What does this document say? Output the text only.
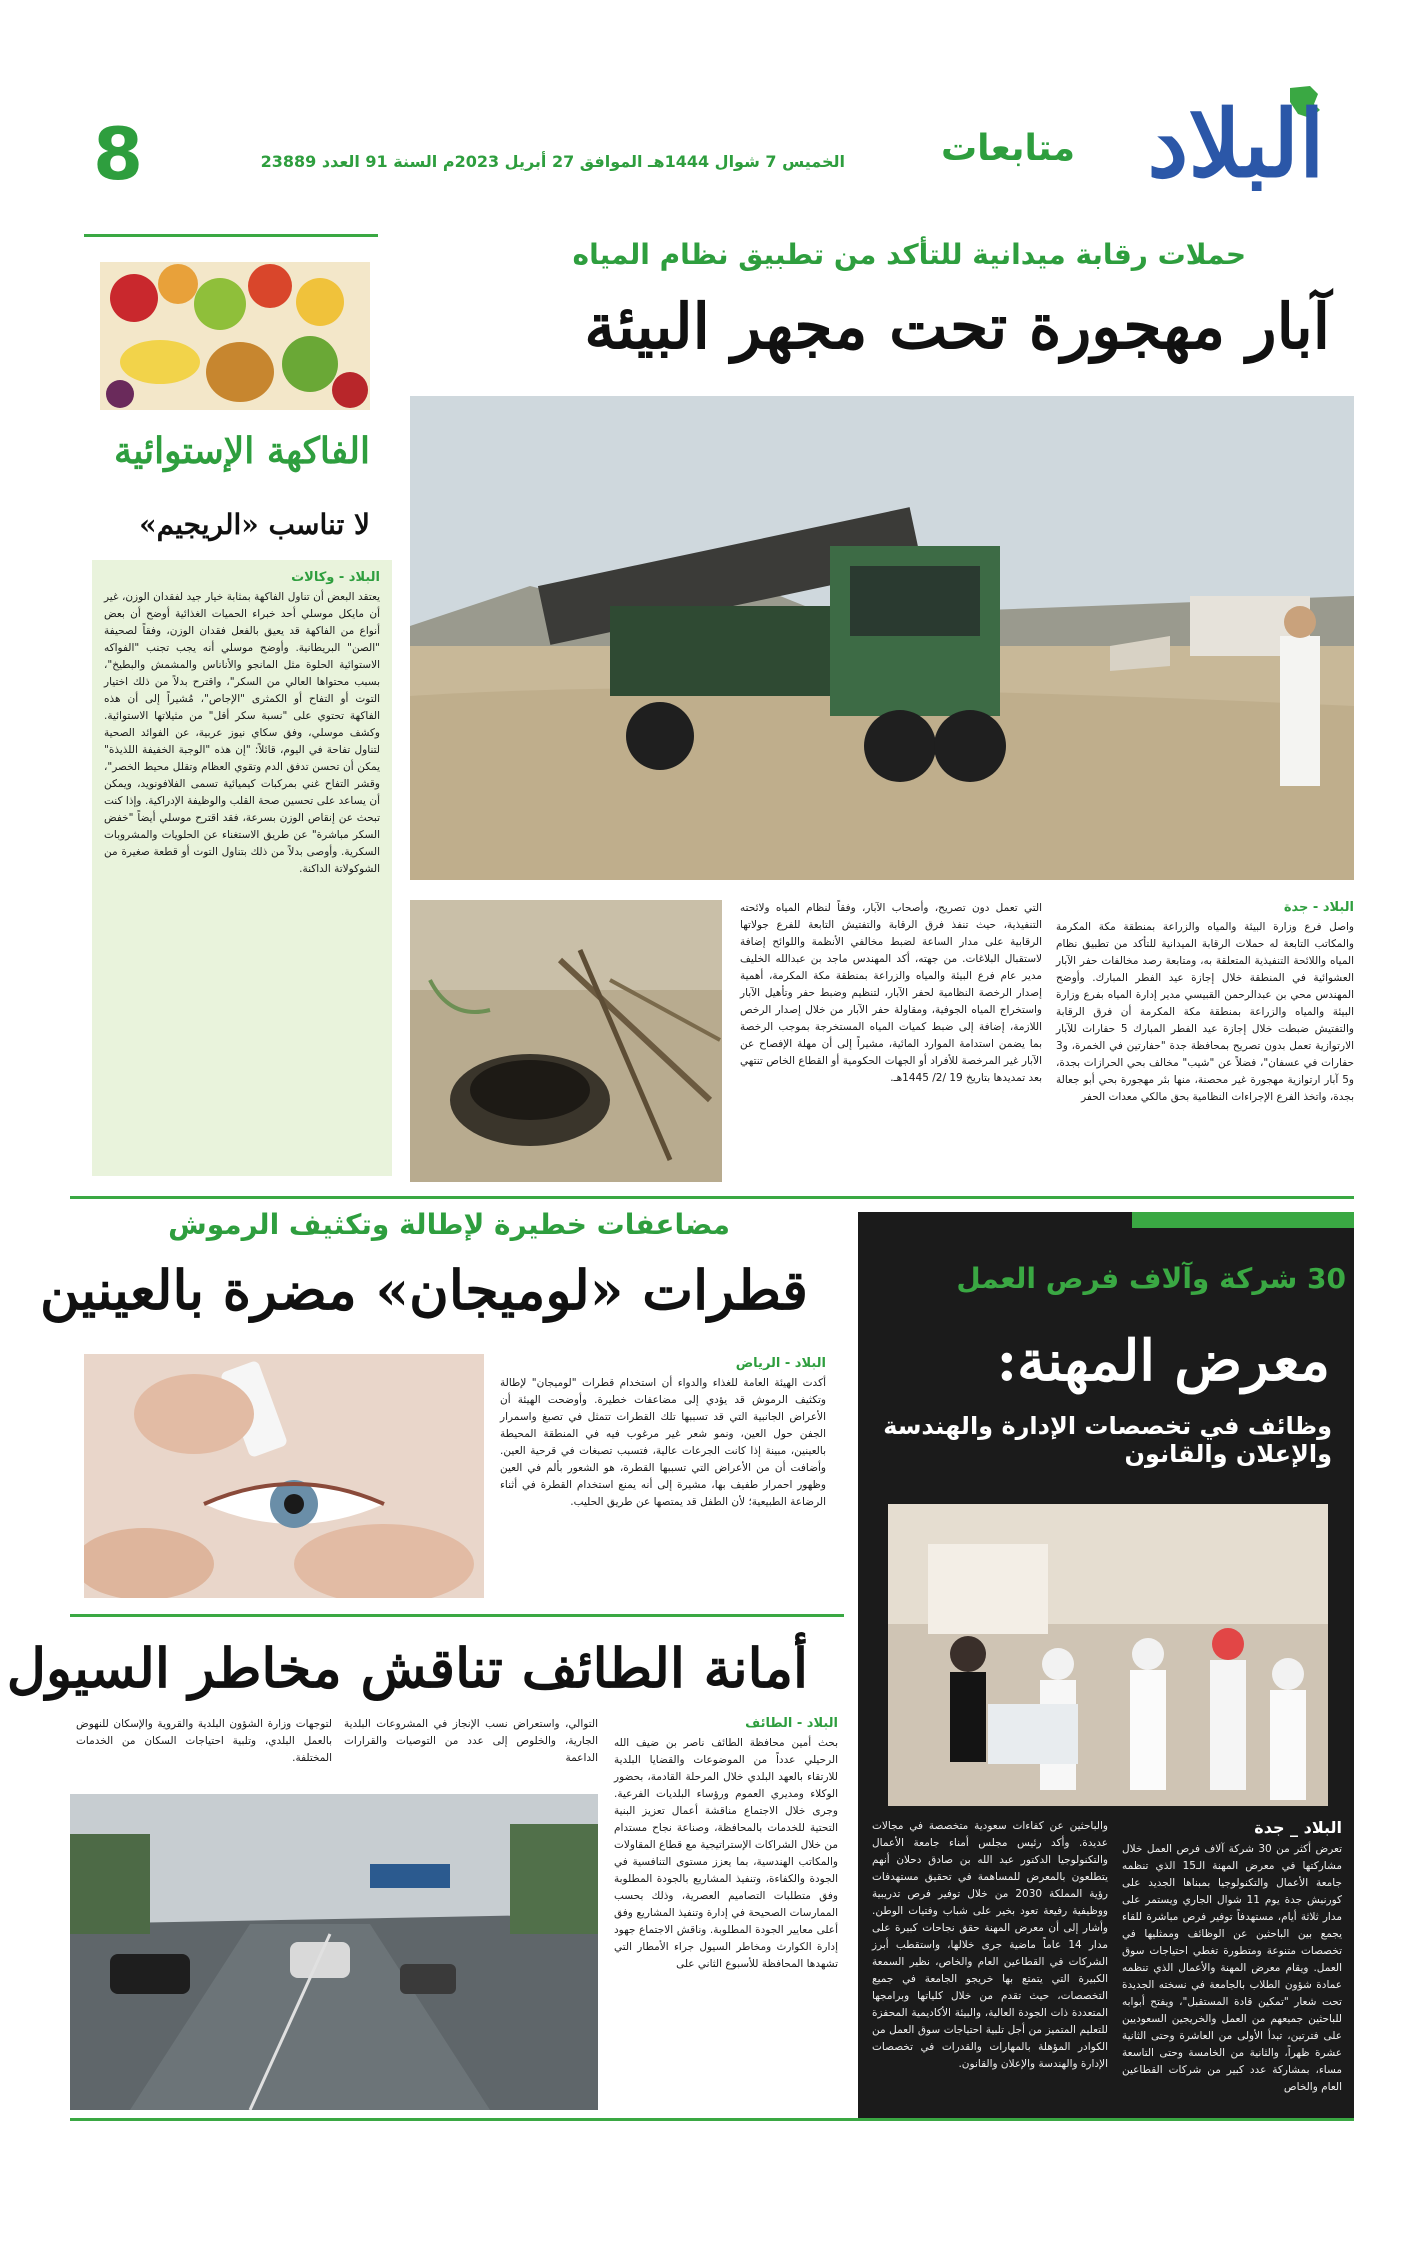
البلاد
متابعات
الخميس 7 شوال 1444هـ الموافق 27 أبريل 2023م السنة 91 العدد 23889
8
الفاكهة الإستوائية
لا تناسب «الريجيم»
البلاد - وكالات
يعتقد البعض أن تناول الفاكهة بمثابة خيار جيد لفقدان الوزن، غير أن مايكل موسلي أحد خبراء الحميات الغذائية أوضح أن بعض أنواع من الفاكهة قد يعيق بالفعل فقدان الوزن، وفقاً لصحيفة "الصن" البريطانية. وأوضح موسلي أنه يجب تجنب "الفواكه الاستوائية الحلوة مثل المانجو والأناناس والمشمش والبطيخ"، بسبب محتواها العالي من السكر"، واقترح بدلاً من ذلك اختيار التوت أو التفاح أو الكمثرى "الإجاص"، مُشيراً إلى أن هذه الفاكهة تحتوي على "نسبة سكر أقل" من مثيلاتها الاستوائية. وكشف موسلي، وفق سكاي نيوز عربية، عن الفوائد الصحية لتناول تفاحة في اليوم، قائلاً: "إن هذه "الوجبة الخفيفة اللذيذة" يمكن أن تحسن تدفق الدم وتقوي العظام وتقلل محيط الخصر"، وقشر التفاح غني بمركبات كيميائية تسمى الفلافونويد، ويمكن أن يساعد على تحسين صحة القلب والوظيفة الإدراكية. وإذا كنت تبحث عن إنقاص الوزن بسرعة، فقد اقترح موسلي أيضاً "خفض السكر مباشرة" عن طريق الاستغناء عن الحلويات والمشروبات السكرية. وأوصى بدلاً من ذلك بتناول التوت أو قطعة صغيرة من الشوكولاتة الداكنة.
حملات رقابة ميدانية للتأكد من تطبيق نظام المياه
آبار مهجورة تحت مجهر البيئة
البلاد - جدة
واصل فرع وزارة البيئة والمياه والزراعة بمنطقة مكة المكرمة والمكاتب التابعة له حملات الرقابة الميدانية للتأكد من تطبيق نظام المياه واللائحة التنفيذية المتعلقة به، ومتابعة رصد مخالفات حفر الآبار العشوائية في المنطقة خلال إجازة عيد الفطر المبارك. وأوضح المهندس محي بن عبدالرحمن القبيسي مدير إدارة المياه بفرع وزارة البيئة والمياه والزراعة بمنطقة مكة المكرمة أن فرق الرقابة والتفتيش ضبطت خلال إجازة عيد الفطر المبارك 5 حفارات للآبار الارتوازية تعمل بدون تصريح بمحافظة جدة "حفارتين في الخمرة، و3 حفارات في عسفان"، فضلاً عن "شيب" مخالف بحي الحرازات بجدة، و5 آبار ارتوازية مهجورة غير محصنة، منها بئر مهجورة بحي أبو جعالة بجدة، واتخذ الفرع الإجراءات النظامية بحق مالكي معدات الحفر
التي تعمل دون تصريح، وأصحاب الآبار، وفقاً لنظام المياه ولائحته التنفيذية، حيث تنفذ فرق الرقابة والتفتيش التابعة للفرع جولاتها الرقابية على مدار الساعة لضبط مخالفي الأنظمة واللوائح إضافة لاستقبال البلاغات. من جهته، أكد المهندس ماجد بن عبدالله الخليف مدير عام فرع البيئة والمياه والزراعة بمنطقة مكة المكرمة، أهمية إصدار الرخصة النظامية لحفر الآبار، لتنظيم وضبط حفر وتأهيل الآبار واستخراج المياه الجوفية، ومقاولة حفر الآبار من خلال إصدار الرخص اللازمة، إضافة إلى ضبط كميات المياه المستخرجة بموجب الرخصة بما يضمن استدامة الموارد المائية، مشيراً إلى أن مهلة الإفصاح عن الآبار غير المرخصة للأفراد أو الجهات الحكومية أو القطاع الخاص تنتهي بعد تمديدها بتاريخ 19 /2/ 1445هـ.
مضاعفات خطيرة لإطالة وتكثيف الرموش
قطرات «لوميجان» مضرة بالعينين
البلاد - الرياض
أكدت الهيئة العامة للغذاء والدواء أن استخدام قطرات "لوميجان" لإطالة وتكثيف الرموش قد يؤدي إلى مضاعفات خطيرة. وأوضحت الهيئة أن الأعراض الجانبية التي قد تسببها تلك القطرات تتمثل في تصبغ واسمرار الجفن حول العين، ونمو شعر غير مرغوب فيه في المنطقة المحيطة بالعينين، مبينة إذا كانت الجرعات عالية، فتسبب تصبغات في قرحية العين. وأضافت أن من الأعراض التي تسببها القطرة، هو الشعور بألم في العين وظهور احمرار طفيف بها، مشيرة إلى أنه يمنع استخدام القطرة في أثناء الرضاعة الطبيعية؛ لأن الطفل قد يمتصها عن طريق الحليب.
أمانة الطائف تناقش مخاطر السيول
البلاد - الطائف
بحث أمين محافظة الطائف ناصر بن ضيف الله الرحيلي عدداً من الموضوعات والقضايا البلدية للارتقاء بالعهد البلدي خلال المرحلة القادمة، بحضور الوكلاء ومديري العموم ورؤساء البلديات الفرعية. وجرى خلال الاجتماع مناقشة أعمال تعزيز البنية التحتية للخدمات بالمحافظة، وصناعة نجاح مستدام من خلال الشراكات الإستراتيجية مع قطاع المقاولات والمكاتب الهندسية، بما يعزز مستوى التنافسية في الجودة والكفاءة، وتنفيذ المشاريع بالجودة المطلوبة وفق متطلبات التصاميم العصرية، وذلك بحسب الممارسات الصحيحة في إدارة وتنفيذ المشاريع وفق أعلى معايير الجودة المطلوبة. وناقش الاجتماع جهود إدارة الكوارث ومخاطر السيول جراء الأمطار التي تشهدها المحافظة للأسبوع الثاني على
التوالي، واستعراض نسب الإنجاز في المشروعات البلدية الجارية، والخلوص إلى عدد من التوصيات والقرارات الداعمة
لتوجهات وزارة الشؤون البلدية والقروية والإسكان للنهوض بالعمل البلدي، وتلبية احتياجات السكان من الخدمات المختلفة.
30 شركة وآلاف فرص العمل
معرض المهنة:
وظائف في تخصصات الإدارة والهندسة والإعلان والقانون
البلاد _ جدة
تعرض أكثر من 30 شركة آلاف فرص العمل خلال مشاركتها في معرض المهنة الـ15 الذي تنظمه جامعة الأعمال والتكنولوجيا بمبناها الجديد على كورنيش جدة يوم 11 شوال الجاري ويستمر على مدار ثلاثة أيام، مستهدفاً توفير فرص مباشرة للقاء يجمع بين الباحثين عن الوظائف وممثليها في تخصصات متنوعة ومتطورة تغطي احتياجات سوق العمل. ويقام معرض المهنة والأعمال الذي تنظمه عمادة شؤون الطلاب بالجامعة في نسخته الجديدة تحت شعار "تمكين قادة المستقبل"، ويفتح أبوابه للباحثين جميعهم من العمل والخريجين السعوديين على فترتين، تبدأ الأولى من العاشرة وحتى الثانية عشرة ظهراً، والثانية من الخامسة وحتى التاسعة مساء، بمشاركة عدد كبير من شركات القطاعين العام والخاص
والباحثين عن كفاءات سعودية متخصصة في مجالات عديدة. وأكد رئيس مجلس أمناء جامعة الأعمال والتكنولوجيا الدكتور عبد الله بن صادق دحلان أنهم يتطلعون بالمعرض للمساهمة في تحقيق مستهدفات رؤية المملكة 2030 من خلال توفير فرص تدريبية ووظيفية رفيعة تعود بخير على شباب وفتيات الوطن. وأشار إلى أن معرض المهنة حقق نجاحات كبيرة على مدار 14 عاماً ماضية جرى خلالها، واستقطب أبرز الشركات في القطاعين العام والخاص، نظير السمعة الكبيرة التي يتمتع بها خريجو الجامعة في جميع التخصصات، حيث تقدم من خلال كلياتها وبرامجها المتعددة ذات الجودة العالية، والبيئة الأكاديمية المحفزة للتعليم المتميز من أجل تلبية احتياجات سوق العمل من الكوادر المؤهلة بالمهارات والقدرات في تخصصات الإدارة والهندسة والإعلان والقانون.
